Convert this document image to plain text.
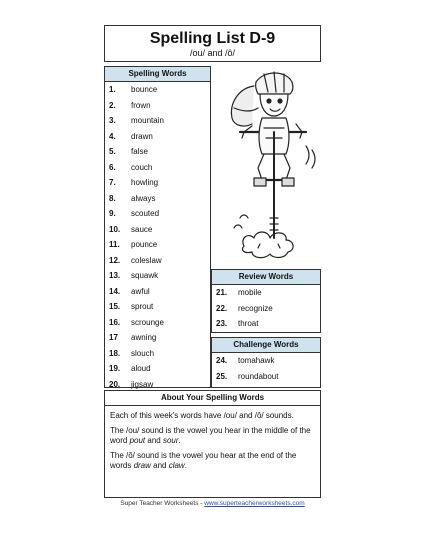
Spelling List D-9
/ou/ and /ô/
Spelling Words
1.	bounce
2.	frown
3.	mountain
4.	drawn
5.	false
6.	couch
7.	howling
8.	always
9.	scouted
10.	sauce
11.	pounce
12.	coleslaw
13.	squawk
14.	awful
15.	sprout
16.	scrounge
17	awning
18.	slouch
19.	aloud
20.	jigsaw
Review Words
21.	mobile
22.	recognize
23.	throat
Challenge Words
24.	tomahawk
25.	roundabout
About Your Spelling Words

Each of this week's words have /ou/ and /ô/ sounds.

The /ou/ sound is the vowel you hear in the middle of the word pout and sour.

The /ô/ sound is the vowel you hear at the end of the words draw and claw.

Super Teacher Worksheets - www.superteacherworksheets.com
